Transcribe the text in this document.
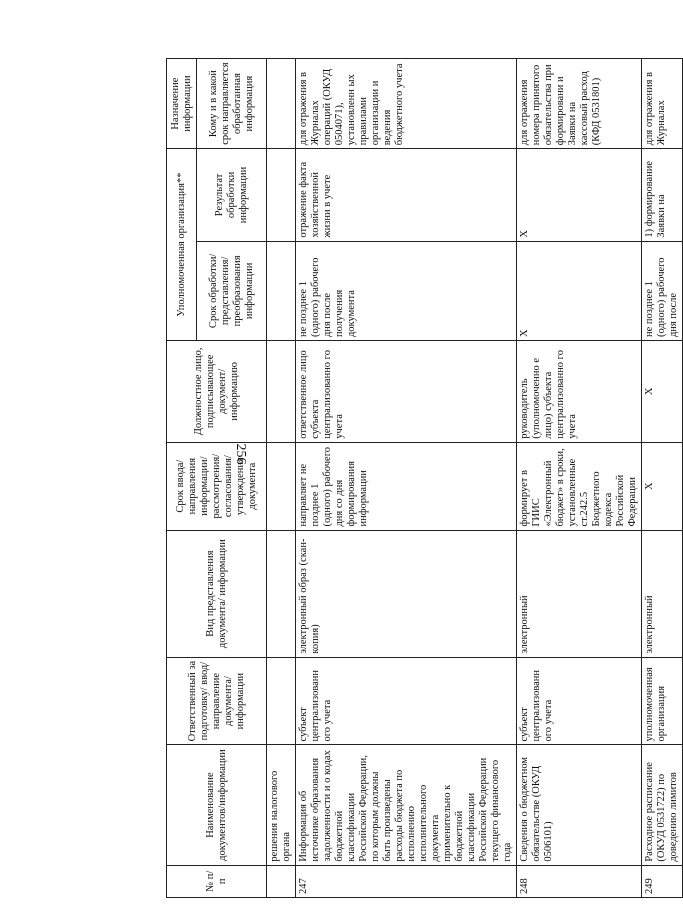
256
№ п/п	Наименование документов/информации	Ответственный за подготовку/ ввод/ направление документа/ информации	Вид представления документа/ информации	Срок ввода/ направления информации/ рассмотрения/ согласования/ утверждения документа	Должностное лицо, подписывающее документ/ информацию	Уполномоченная организация**		Назначение информации
						Срок обработки/ представления/ преобразования информации	Результат обработки информации	Кому и в какой срок направляется обработанная информация
	решения налогового органа							
247	Информация об источнике образования задолженности и о кодах бюджетной классификации Российской Федерации, по которым должны быть произведены расходы бюджета по исполнению исполнительного документа применительно к бюджетной классификации Российской Федерации текущего финансового года	субъект централизованн ого учета	электронный образ (скан-копия)	направляет не позднее 1 (одного) рабочего дня со дня формирования информации	ответственное лицо субъекта централизованно го учета	не позднее 1 (одного) рабочего дня после получения документа	отражение факта хозяйственной жизни в учете	для отражения в Журналах операций (ОКУД 0504071), установленн ых правилами организации и ведения бюджетного учета
248	Сведения о бюджетном обязательстве (ОКУД 0506101)	субъект централизованн ого учета	электронный	формирует в ГИИС «Электронный бюджет» в сроки, установленные ст.242.5 Бюджетного кодекса Российской Федерации	руководитель (уполномоченно е лицо) субъекта централизованно го учета	X	X	для отражения номера принятого обязательства при формировани и Заявки на кассовый расход (КФД 0531801)
249	Расходное расписание (ОКУД 0531722) по доведению лимитов	уполномоченная организация	электронный	X	X	не позднее 1 (одного) рабочего дня после	1) формирование Заявки на	для отражения в Журналах
